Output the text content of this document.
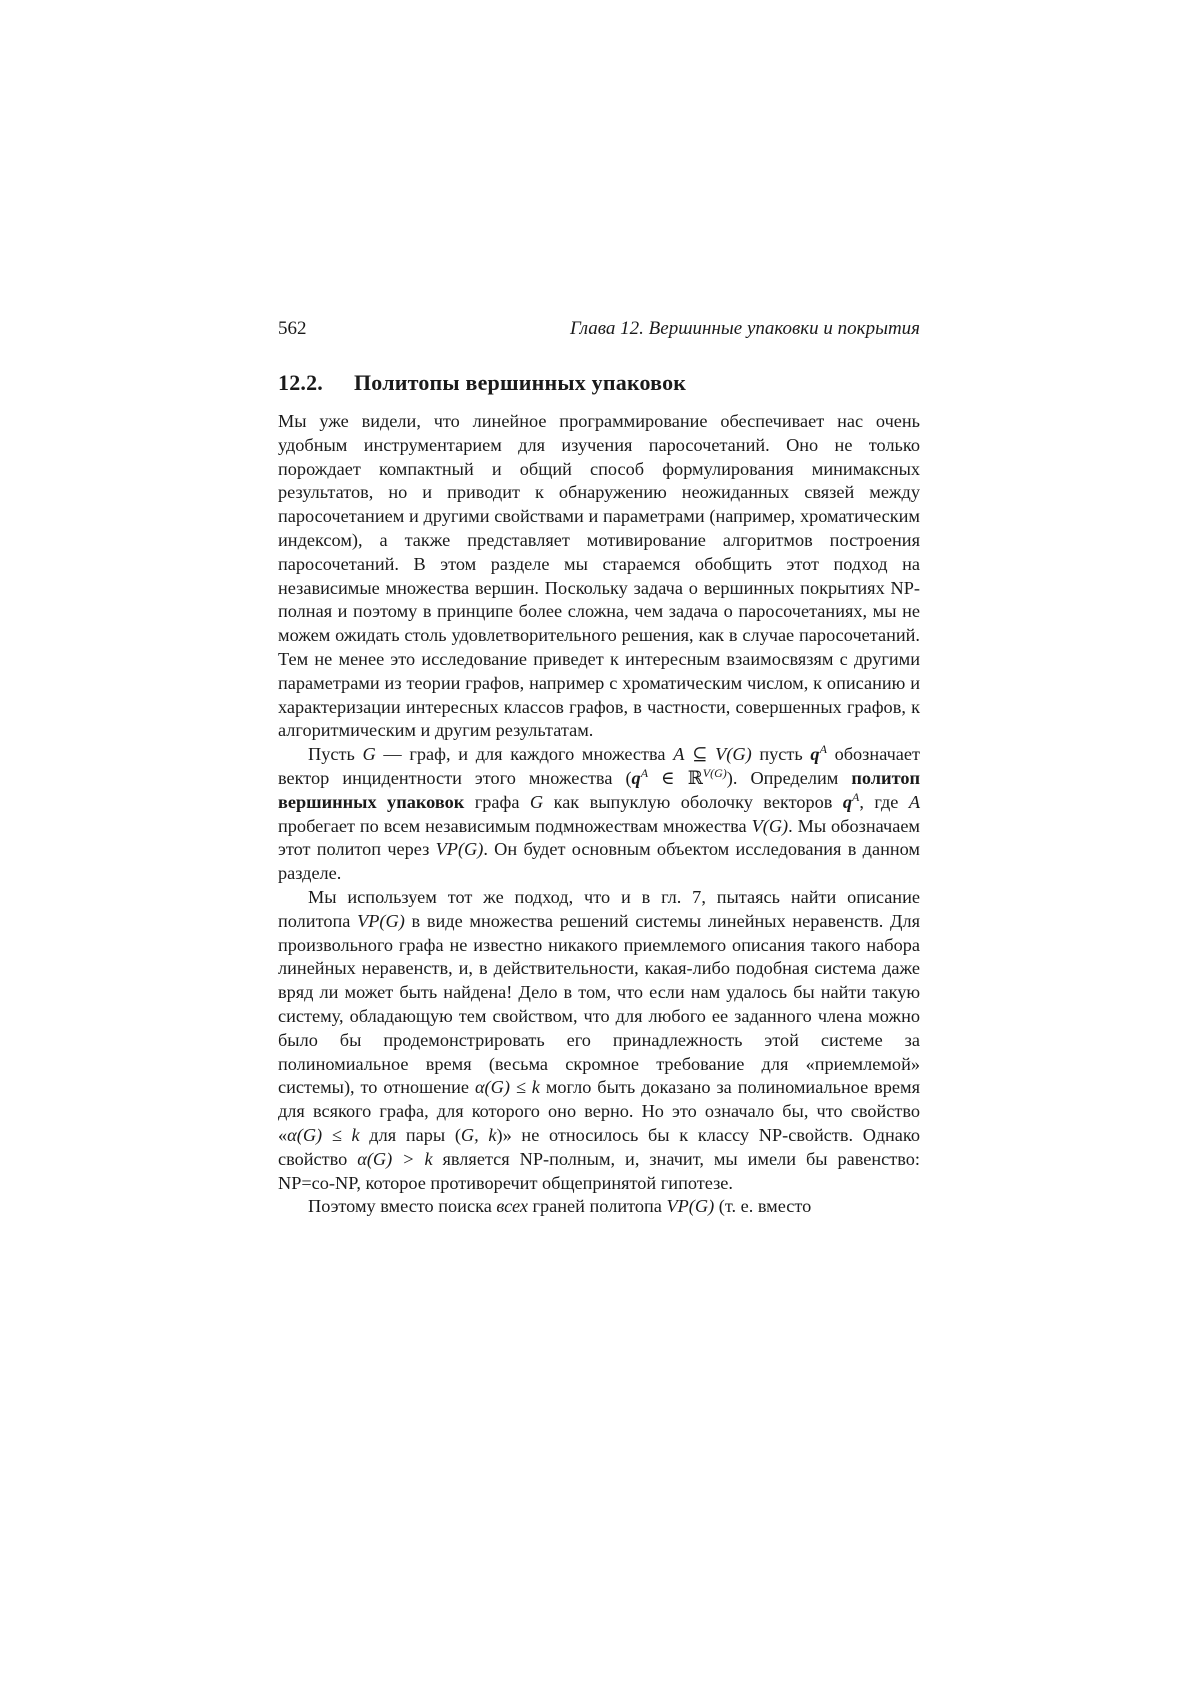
562	Глава 12. Вершинные упаковки и покрытия
12.2. Политопы вершинных упаковок

Мы уже видели, что линейное программирование обеспечивает нас очень удобным инструментарием для изучения паросочетаний. Оно не только порождает компактный и общий способ формулирования минимаксных результатов, но и приводит к обнаружению неожиданных связей между паросочетанием и другими свойствами и параметрами (например, хроматическим индексом), а также представляет мотивирование алгоритмов построения паросочетаний. В этом разделе мы стараемся обобщить этот подход на независимые множества вершин. Поскольку задача о вершинных покрытиях NP-полная и поэтому в принципе более сложна, чем задача о паросочетаниях, мы не можем ожидать столь удовлетворительного решения, как в случае паросочетаний. Тем не менее это исследование приведет к интересным взаимосвязям с другими параметрами из теории графов, например с хроматическим числом, к описанию и характеризации интересных классов графов, в частности, совершенных графов, к алгоритмическим и другим результатам.

Пусть G — граф, и для каждого множества A ⊆ V(G) пусть $q^A$ обозначает вектор инцидентности этого множества ($q^A$ ∈ ℝ$^{V(G)}$). Определим политоп вершинных упаковок графа G как выпуклую оболочку векторов $q^A$, где A пробегает по всем независимым подмножествам множества V(G). Мы обозначаем этот политоп через VP(G). Он будет основным объектом исследования в данном разделе.

Мы используем тот же подход, что и в гл. 7, пытаясь найти описание политопа VP(G) в виде множества решений системы линейных неравенств. Для произвольного графа не известно никакого приемлемого описания такого набора линейных неравенств, и, в действительности, какая-либо подобная система даже вряд ли может быть найдена! Дело в том, что если нам удалось бы найти такую систему, обладающую тем свойством, что для любого ее заданного члена можно было бы продемонстрировать его принадлежность этой системе за полиномиальное время (весьма скромное требование для «приемлемой» системы), то отношение α(G) ≤ k могло быть доказано за полиномиальное время для всякого графа, для которого оно верно. Но это означало бы, что свойство «α(G) ≤ k для пары (G, k)» не относилось бы к классу NP-свойств. Однако свойство α(G) > k является NP-полным, и, значит, мы имели бы равенство: NP=co-NP, которое противоречит общепринятой гипотезе.

Поэтому вместо поиска всех граней политопа VP(G) (т. е. вместо
